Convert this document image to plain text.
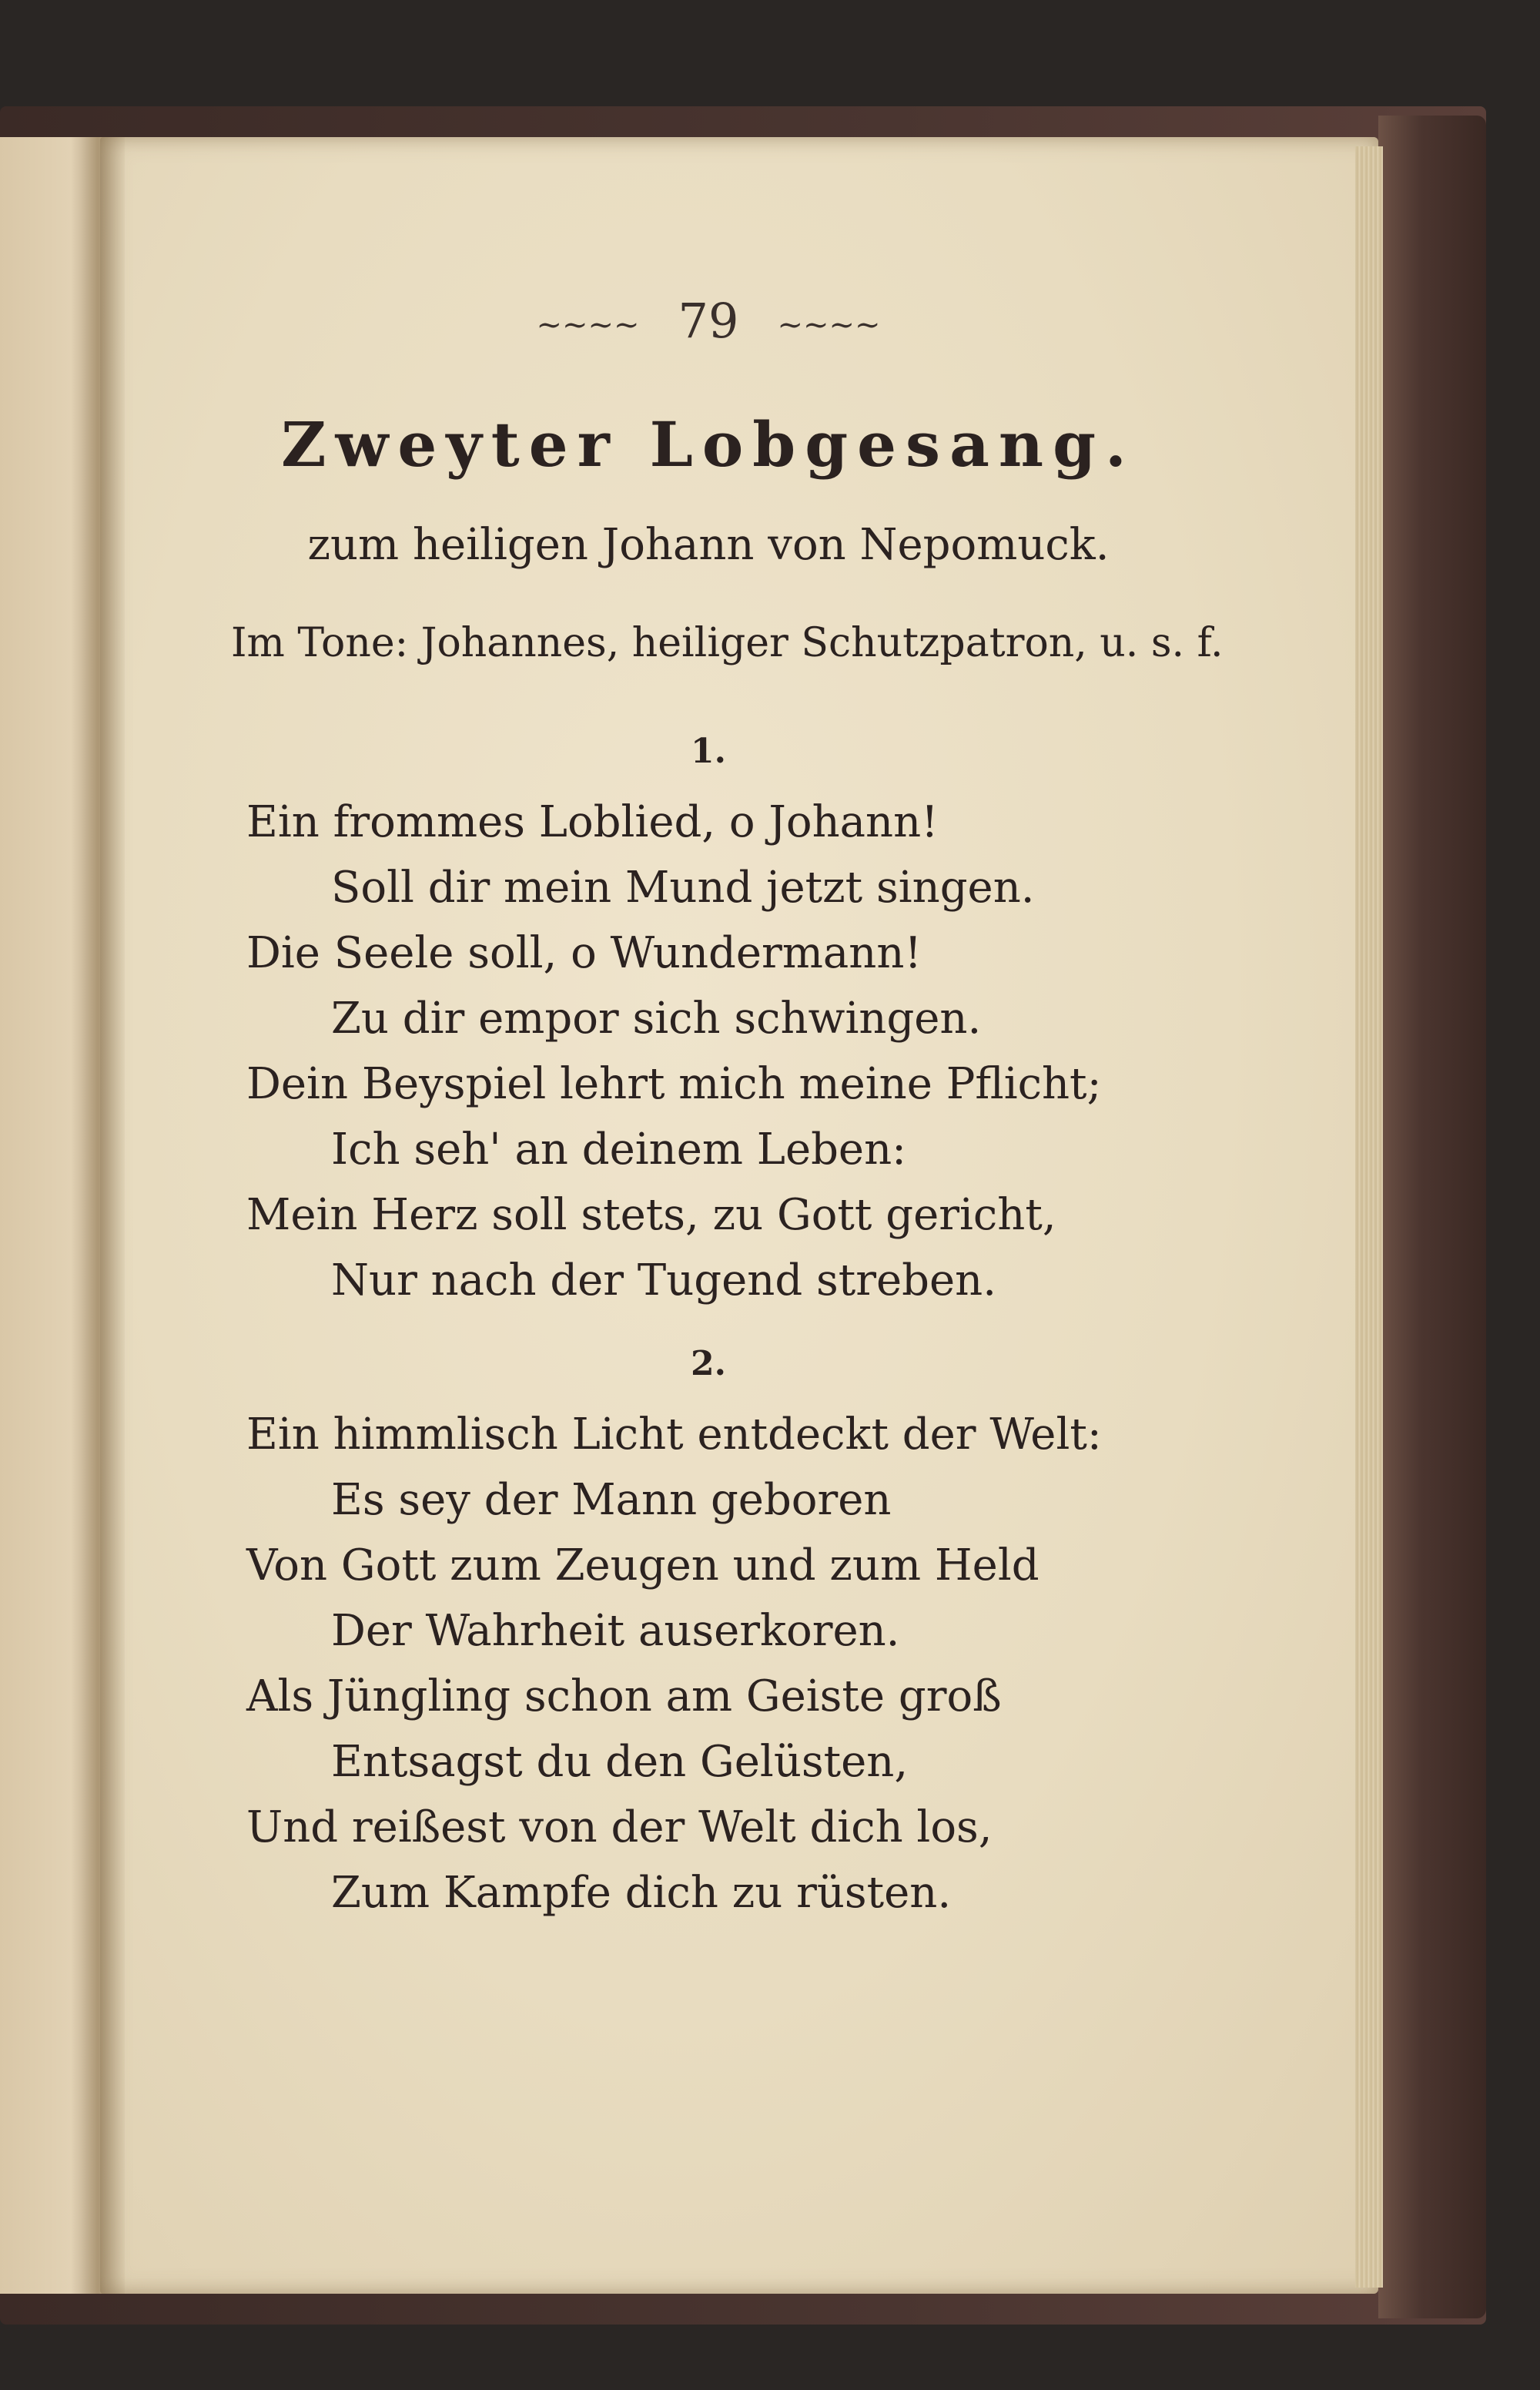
~~~~ 79 ~~~~
Zweyter Lobgesang.
zum heiligen Johann von Nepomuck.
Im Tone: Johannes, heiliger Schutzpatron, u. s. f.
1.
Ein frommes Loblied, o Johann!
Soll dir mein Mund jetzt singen.
Die Seele soll, o Wundermann!
Zu dir empor sich schwingen.
Dein Beyspiel lehrt mich meine Pflicht;
Ich seh' an deinem Leben:
Mein Herz soll stets, zu Gott gericht,
Nur nach der Tugend streben.
2.
Ein himmlisch Licht entdeckt der Welt:
Es sey der Mann geboren
Von Gott zum Zeugen und zum Held
Der Wahrheit auserkoren.
Als Jüngling schon am Geiste groß
Entsagst du den Gelüsten,
Und reißest von der Welt dich los,
Zum Kampfe dich zu rüsten.
